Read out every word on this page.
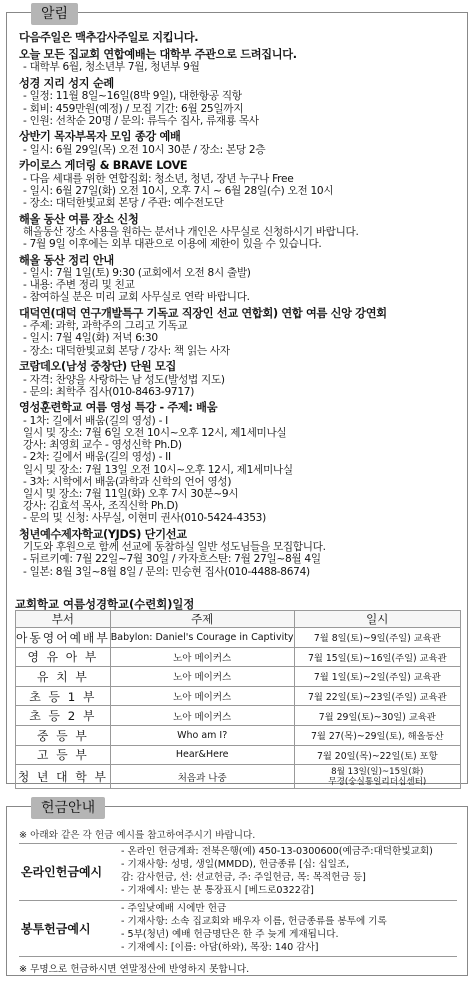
알림
다음주일은 맥추감사주일로 지킵니다.
오늘 모든 집교회 연합예배는 대학부 주관으로 드려집니다.
- 대학부 6월, 청소년부 7월, 청년부 9월
성경 지리 성지 순례
- 일정: 11월 8일~16일(8박 9일), 대한항공 직항
- 회비: 459만원(예정) / 모집 기간: 6월 25일까지
- 인원: 선착순 20명 / 문의: 류득수 집사, 류재룡 목사
상반기 목자부목자 모임 종강 예배
- 일시: 6월 29일(목) 오전 10시 30분 / 장소: 본당 2층
카이로스 게더링 & BRAVE LOVE
- 다음 세대를 위한 연합집회: 청소년, 청년, 장년 누구나 Free
- 일시: 6월 27일(화) 오전 10시, 오후 7시 ~ 6월 28일(수) 오전 10시
- 장소: 대덕한빛교회 본당 / 주관: 예수전도단
해올 동산 여름 장소 신청
해올동산 장소 사용을 원하는 분서나 개인은 사무실로 신청하시기 바랍니다.
- 7월 9일 이후에는 외부 대관으로 이용에 제한이 있을 수 있습니다.
해올 동산 정리 안내
- 일시: 7월 1일(토) 9:30 (교회에서 오전 8시 출발)
- 내용: 주변 정리 및 친교
- 참여하실 분은 미리 교회 사무실로 연락 바랍니다.
대덕연(대덕 연구개발특구 기독교 직장인 선교 연합회) 연합 여름 신앙 강연회
- 주제: 과학, 과학주의 그리고 기독교
- 일시: 7월 4일(화) 저녁 6:30
- 장소: 대덕한빛교회 본당 / 강사: 책 읽는 사자
코람데오(남성 중창단) 단원 모집
- 자격: 찬양을 사랑하는 남 성도(발성법 지도)
- 문의: 최학주 집사(010-8463-9717)
영성훈련학교 여름 영성 특강 - 주제: 배움
- 1차: 길에서 배움(길의 영성) - I
일시 및 장소: 7월 6일 오전 10시~오후 12시, 제1세미나실
강사: 최영희 교수 - 영성신학 Ph.D)
- 2차: 길에서 배움(길의 영성) - II
일시 및 장소: 7월 13일 오전 10시~오후 12시, 제1세미나실
- 3차: 시학에서 배움(과학과 신학의 언어 영성)
일시 및 장소: 7월 11일(화) 오후 7시 30분~9시
강사: 김효석 목사, 조직신학 Ph.D)
- 문의 및 신청: 사무실, 이현미 권사(010-5424-4353)
청년예수제자학교(YJDS) 단기선교
기도와 후원으로 함께 선교에 동참하실 일반 성도님들을 모집합니다.
- 뒤르키예: 7월 22일~7월 30일 / 카자흐스탄: 7월 27일~8월 4일
- 일본: 8월 3일~8월 8일 / 문의: 민승현 집사(010-4488-8674)
교회학교 여름성경학교(수련회)일정
부서	주제	일시
아동영어예배부	Babylon: Daniel's Courage in Captivity	7월 8일(토)~9일(주일) 교육관
영 유 아 부	노아 메이커스	7월 15일(토)~16일(주일) 교육관
유 치 부	노아 메이커스	7월 1일(토)~2일(주일) 교육관
초 등 1 부	노아 메이커스	7월 22일(토)~23일(주일) 교육관
초 등 2 부	노아 메이커스	7월 29일(토)~30일) 교육관
중 등 부	Who am I?	7월 27(목)~29일(토), 해올동산
고 등 부	Hear&Here	7월 20일(목)~22일(토) 포항
청 년 대 학 부	처음과 나중	8월 13일(일)~15일(화)
무경(숭실통일리더십센터)
헌금안내
※ 아래와 같은 각 헌금 예시를 참고하여주시기 바랍니다.
온라인헌금예시
- 온라인 헌금계좌: 전북은행(예) 450-13-0300600(예금주:대덕한빛교회)
- 기재사항: 성명, 생일(MMDD), 헌금종류 [십: 십일조,
감: 감사헌금, 선: 선교헌금, 주: 주일헌금, 목: 목적헌금 등]
- 기재예시: 받는 분 통장표시 [베드로0322감]
봉투헌금예시
- 주일낮예배 시에만 헌금
- 기재사항: 소속 집교회와 배우자 이름, 헌금종류를 봉투에 기록
- 5부(청년) 예배 헌금명단은 한 주 늦게 게재됩니다.
- 기재예시: [이름: 아담(하와), 목장: 140 감사]
※ 무명으로 헌금하시면 연말정산에 반영하지 못합니다.
